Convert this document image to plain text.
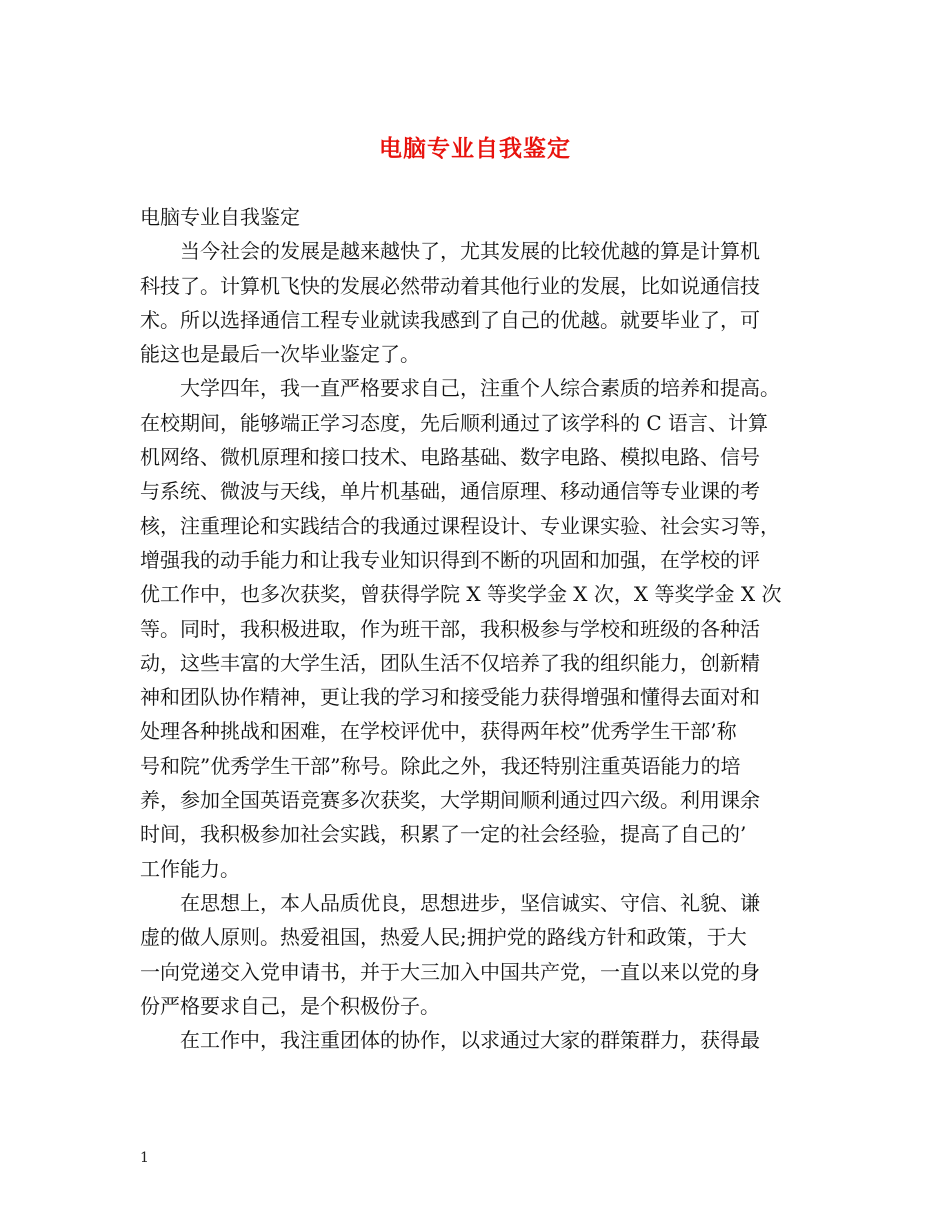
电脑专业自我鉴定

电脑专业自我鉴定

当今社会的发展是越来越快了，尤其发展的比较优越的算是计算机
科技了。计算机飞快的发展必然带动着其他行业的发展，比如说通信技
术。所以选择通信工程专业就读我感到了自己的优越。就要毕业了，可
能这也是最后一次毕业鉴定了。

大学四年，我一直严格要求自己，注重个人综合素质的培养和提高。
在校期间，能够端正学习态度，先后顺利通过了该学科的 C 语言、计算
机网络、微机原理和接口技术、电路基础、数字电路、模拟电路、信号
与系统、微波与天线，单片机基础，通信原理、移动通信等专业课的考
核，注重理论和实践结合的我通过课程设计、专业课实验、社会实习等，
增强我的动手能力和让我专业知识得到不断的巩固和加强，在学校的评
优工作中，也多次获奖，曾获得学院 X 等奖学金 X 次，X 等奖学金 X 次
等。同时，我积极进取，作为班干部，我积极参与学校和班级的各种活
动，这些丰富的大学生活，团队生活不仅培养了我的组织能力，创新精
神和团队协作精神，更让我的学习和接受能力获得增强和懂得去面对和
处理各种挑战和困难，在学校评优中，获得两年校”优秀学生干部’称
号和院”优秀学生干部”称号。除此之外，我还特别注重英语能力的培
养，参加全国英语竞赛多次获奖，大学期间顺利通过四六级。利用课余
时间，我积极参加社会实践，积累了一定的社会经验，提高了自己的’
工作能力。

在思想上，本人品质优良，思想进步，坚信诚实、守信、礼貌、谦
虚的做人原则。热爱祖国，热爱人民;拥护党的路线方针和政策，于大
一向党递交入党申请书，并于大三加入中国共产党，一直以来以党的身
份严格要求自己，是个积极份子。

在工作中，我注重团体的协作，以求通过大家的群策群力，获得最

1
